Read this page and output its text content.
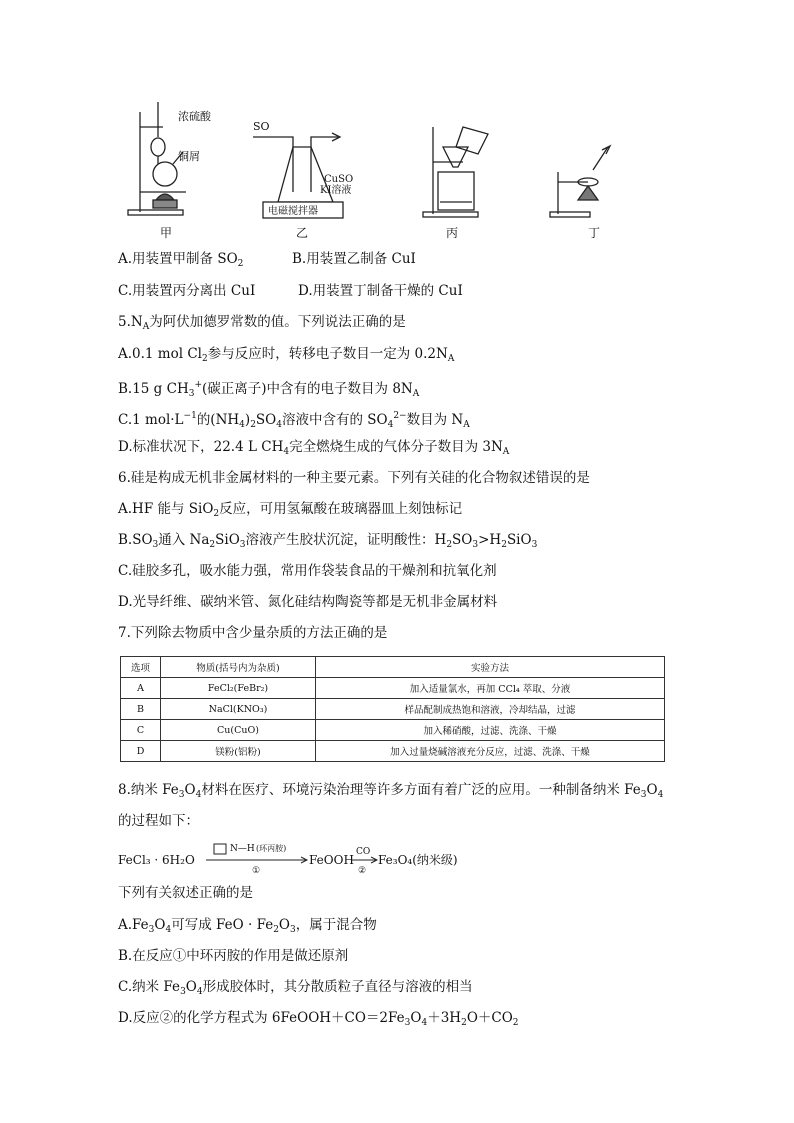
浓硫酸
铜屑
SO
CuSO
KI溶液
电磁搅拌器
甲	乙	丙	丁
A.用装置甲制备 $SO_2$	B.用装置乙制备 CuI
C.用装置丙分离出 CuI	D.用装置丁制备干燥的 CuI
$5.N_A$为阿伏加德罗常数的值。下列说法正确的是
A.0.1 mol $Cl_2$参与反应时，转移电子数目一定为 $0.2N_A$
B.15 g $CH_3^+$(碳正离子)中含有的电子数目为 $8N_A$
C.1 $mol\cdot L^{-1}$的$(NH_4)_2SO_4$溶液中含有的 $SO_4^{2-}$数目为 $N_A$
D.标准状况下，22.4 L $CH_4$完全燃烧生成的气体分子数目为 $3N_A$
6.硅是构成无机非金属材料的一种主要元素。下列有关硅的化合物叙述错误的是
A.HF 能与 SiO$_2$反应，可用氢氟酸在玻璃器皿上刻蚀标记
$B.SO_3$通入 $Na_2SiO_3$溶液产生胶状沉淀，证明酸性：$H_2SO_3>H_2SiO_3$
C.硅胶多孔，吸水能力强，常用作袋装食品的干燥剂和抗氧化剂
D.光导纤维、碳纳米管、氮化硅结构陶瓷等都是无机非金属材料
7.下列除去物质中含少量杂质的方法正确的是
选项	物质(括号内为杂质)	实验方法
A	FeCl₂(FeBr₂)	加入适量氯水，再加 CCl₄ 萃取、分液
B	NaCl(KNO₃)	样品配制成热饱和溶液，冷却结晶，过滤
C	Cu(CuO)	加入稀硝酸，过滤、洗涤、干燥
D	镁粉(铝粉)	加入过量烧碱溶液充分反应，过滤、洗涤、干燥
8.纳米 $Fe_3O_4$材料在医疗、环境污染治理等许多方面有着广泛的应用。一种制备纳米 $Fe_3O_4$
的过程如下：
FeCl₃ · 6H₂O
N—H (环丙胺)
①
FeOOH
CO
②
Fe₃O₄(纳米级)
下列有关叙述正确的是
$A.Fe_3O_4$可写成 FeO · $Fe_2O_3$，属于混合物
B.在反应①中环丙胺的作用是做还原剂
C.纳米 $Fe_3O_4$形成胶体时，其分散质粒子直径与溶液的相当
D.反应②的化学方程式为 $6FeOOH+CO=2Fe_3O_4+3H_2O+CO_2$
